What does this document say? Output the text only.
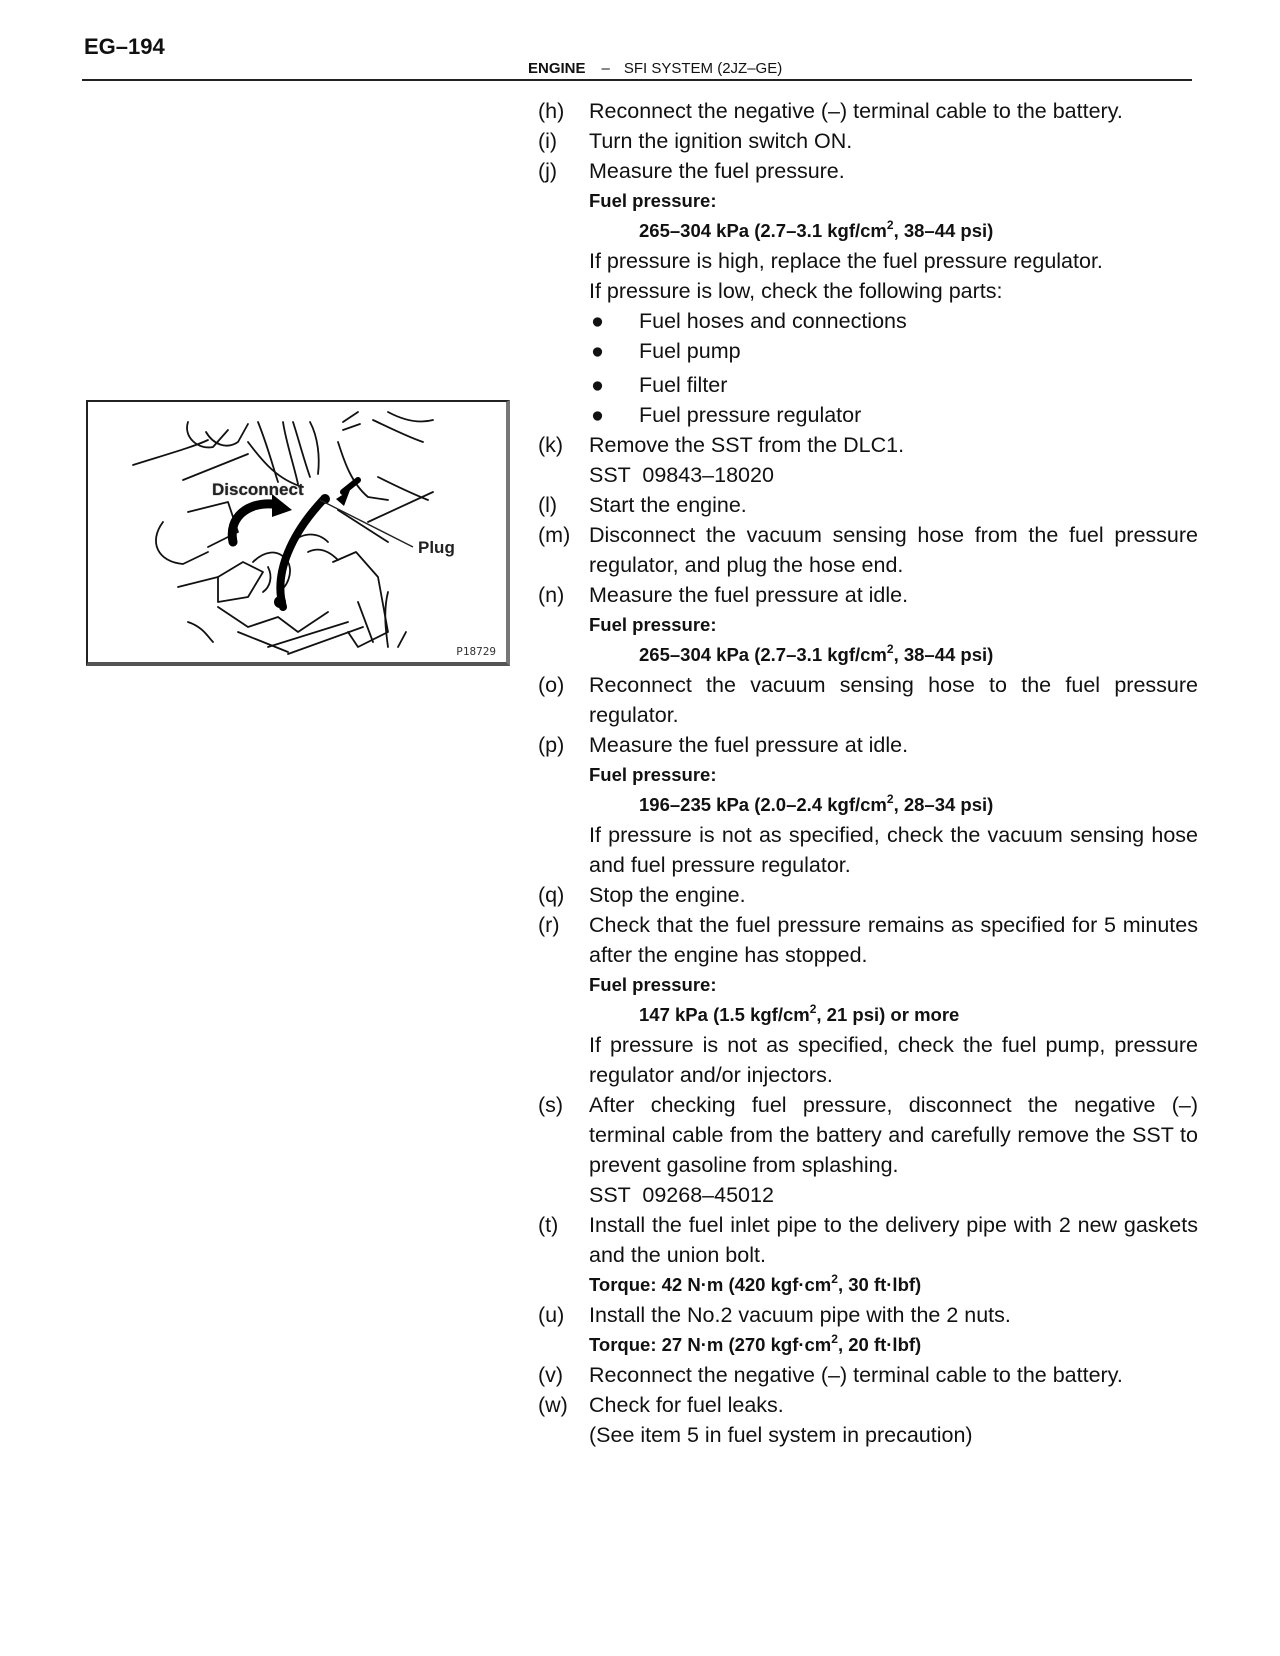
EG–194
ENGINE – SFI SYSTEM (2JZ–GE)
Disconnect
Plug
P18729
(h) Reconnect the negative (–) terminal cable to the battery.
(i) Turn the ignition switch ON.
(j) Measure the fuel pressure.
Fuel pressure:
265–304 kPa (2.7–3.1 kgf/$cm^2$, 38–44 psi)
If pressure is high, replace the fuel pressure regulator.
If pressure is low, check the following parts:
● Fuel hoses and connections
● Fuel pump
● Fuel filter
● Fuel pressure regulator
(k) Remove the SST from the DLC1.
SST  09843–18020
(l) Start the engine.
(m) Disconnect the vacuum sensing hose from the fuel pressure regulator, and plug the hose end.
(n) Measure the fuel pressure at idle.
Fuel pressure:
265–304 kPa (2.7–3.1 kgf/$cm^2$, 38–44 psi)
(o) Reconnect the vacuum sensing hose to the fuel pressure regulator.
(p) Measure the fuel pressure at idle.
Fuel pressure:
196–235 kPa (2.0–2.4 kgf/$cm^2$, 28–34 psi)
If pressure is not as specified, check the vacuum sensing hose and fuel pressure regulator.
(q) Stop the engine.
(r) Check that the fuel pressure remains as specified for 5 minutes after the engine has stopped.
Fuel pressure:
147 kPa (1.5 kgf/$cm^2$, 21 psi) or more
If pressure is not as specified, check the fuel pump, pressure regulator and/or injectors.
(s) After checking fuel pressure, disconnect the negative (–) terminal cable from the battery and carefully remove the SST to prevent gasoline from splashing.
SST  09268–45012
(t) Install the fuel inlet pipe to the delivery pipe with 2 new gaskets and the union bolt.
Torque: 42 N·m (420 $kgf\cdot cm^2$, 30 ft·lbf)
(u) Install the No.2 vacuum pipe with the 2 nuts.
Torque: 27 N·m (270 $kgf\cdot cm^2$, 20 ft·lbf)
(v) Reconnect the negative (–) terminal cable to the battery.
(w) Check for fuel leaks.
(See item 5 in fuel system in precaution)
